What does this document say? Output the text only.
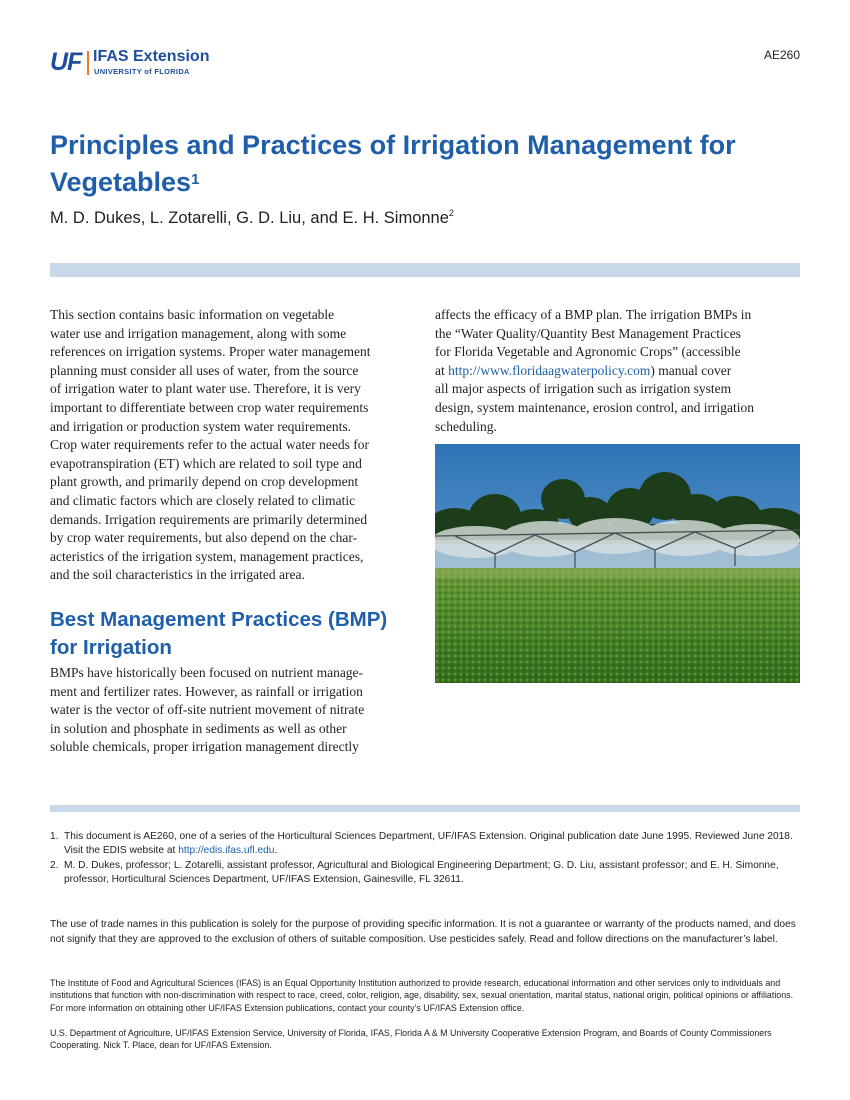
UF IFAS Extension
UNIVERSITY of FLORIDA
AE260
Principles and Practices of Irrigation Management for Vegetables$^1$
M. D. Dukes, L. Zotarelli, G. D. Liu, and E. H. Simonne$^2$
This section contains basic information on vegetable
water use and irrigation management, along with some
references on irrigation systems. Proper water management
planning must consider all uses of water, from the source
of irrigation water to plant water use. Therefore, it is very
important to differentiate between crop water requirements
and irrigation or production system water requirements.
Crop water requirements refer to the actual water needs for
evapotranspiration (ET) which are related to soil type and
plant growth, and primarily depend on crop development
and climatic factors which are closely related to climatic
demands. Irrigation requirements are primarily determined
by crop water requirements, but also depend on the char-
acteristics of the irrigation system, management practices,
and the soil characteristics in the irrigated area.
Best Management Practices (BMP) for Irrigation
BMPs have historically been focused on nutrient manage-
ment and fertilizer rates. However, as rainfall or irrigation
water is the vector of off-site nutrient movement of nitrate
in solution and phosphate in sediments as well as other
soluble chemicals, proper irrigation management directly
affects the efficacy of a BMP plan. The irrigation BMPs in
the “Water Quality/Quantity Best Management Practices
for Florida Vegetable and Agronomic Crops” (accessible
at http://www.floridaagwaterpolicy.com) manual cover
all major aspects of irrigation such as irrigation system
design, system maintenance, erosion control, and irrigation
scheduling.

1. This document is AE260, one of a series of the Horticultural Sciences Department, UF/IFAS Extension. Original publication date June 1995. Reviewed June 2018. Visit the EDIS website at http://edis.ifas.ufl.edu.

2. M. D. Dukes, professor; L. Zotarelli, assistant professor, Agricultural and Biological Engineering Department; G. D. Liu, assistant professor; and E. H. Simonne, professor, Horticultural Sciences Department, UF/IFAS Extension, Gainesville, FL 32611.

The use of trade names in this publication is solely for the purpose of providing specific information. It is not a guarantee or warranty of the products named, and does not signify that they are approved to the exclusion of others of suitable composition. Use pesticides safely. Read and follow directions on the manufacturer’s label.

The Institute of Food and Agricultural Sciences (IFAS) is an Equal Opportunity Institution authorized to provide research, educational information and other services only to individuals and institutions that function with non-discrimination with respect to race, creed, color, religion, age, disability, sex, sexual orientation, marital status, national origin, political opinions or affiliations. For more information on obtaining other UF/IFAS Extension publications, contact your county’s UF/IFAS Extension office.

U.S. Department of Agriculture, UF/IFAS Extension Service, University of Florida, IFAS, Florida A & M University Cooperative Extension Program, and Boards of County Commissioners Cooperating. Nick T. Place, dean for UF/IFAS Extension.
